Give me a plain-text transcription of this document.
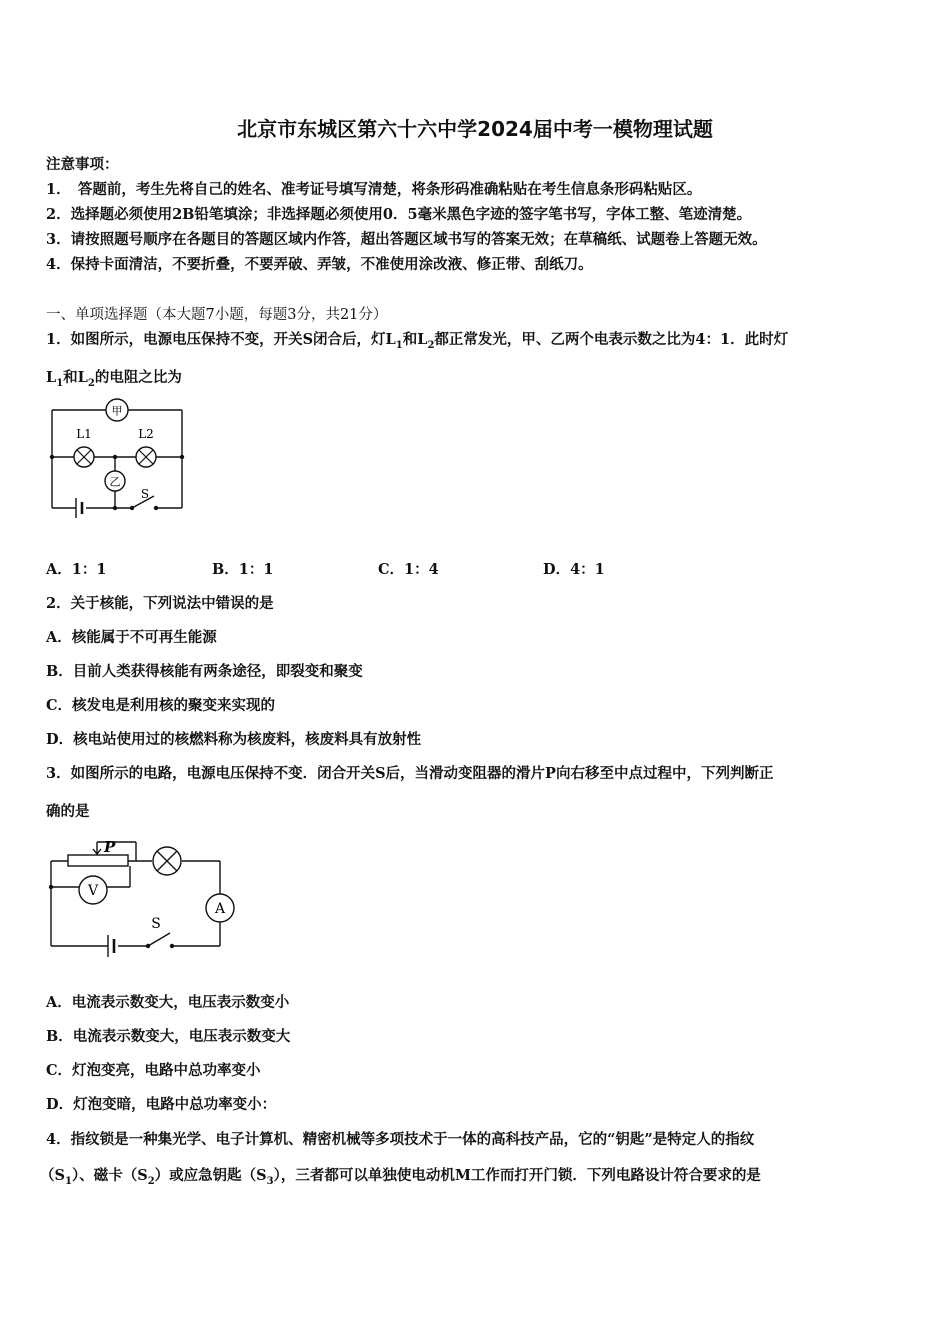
北京市东城区第六十六中学2024届中考一模物理试题
注意事项：
1．　答题前，考生先将自己的姓名、准考证号填写清楚，将条形码准确粘贴在考生信息条形码粘贴区。
2．选择题必须使用2B铅笔填涂；非选择题必须使用0．5毫米黑色字迹的签字笔书写，字体工整、笔迹清楚。
3．请按照题号顺序在各题目的答题区域内作答，超出答题区域书写的答案无效；在草稿纸、试题卷上答题无效。
4．保持卡面清洁，不要折叠，不要弄破、弄皱，不准使用涂改液、修正带、刮纸刀。
一、单项选择题（本大题7小题，每题3分，共21分）
1．如图所示，电源电压保持不变，开关S闭合后，灯$L_1$和$L_2$都正常发光，甲、乙两个电表示数之比为4：1．此时灯
$L_1$和$L_2$的电阻之比为
甲
L1	L2
乙
S
A．1：1	B．1：1	C．1：4	D．4：1
2．关于核能，下列说法中错误的是
A．核能属于不可再生能源
B．目前人类获得核能有两条途径，即裂变和聚变
C．核发电是利用核的聚变来实现的
D．核电站使用过的核燃料称为核废料，核废料具有放射性
3．如图所示的电路，电源电压保持不变．闭合开关S后，当滑动变阻器的滑片P向右移至中点过程中，下列判断正
确的是
P
V
A
S
A．电流表示数变大，电压表示数变小
B．电流表示数变大，电压表示数变大
C．灯泡变亮，电路中总功率变小
D．灯泡变暗，电路中总功率变小：
4．指纹锁是一种集光学、电子计算机、精密机械等多项技术于一体的高科技产品，它的“钥匙”是特定人的指纹
$(S_1)$、磁卡$(S_2)$或应急钥匙$(S_3)$，三者都可以单独使电动机M工作而打开门锁．下列电路设计符合要求的是
